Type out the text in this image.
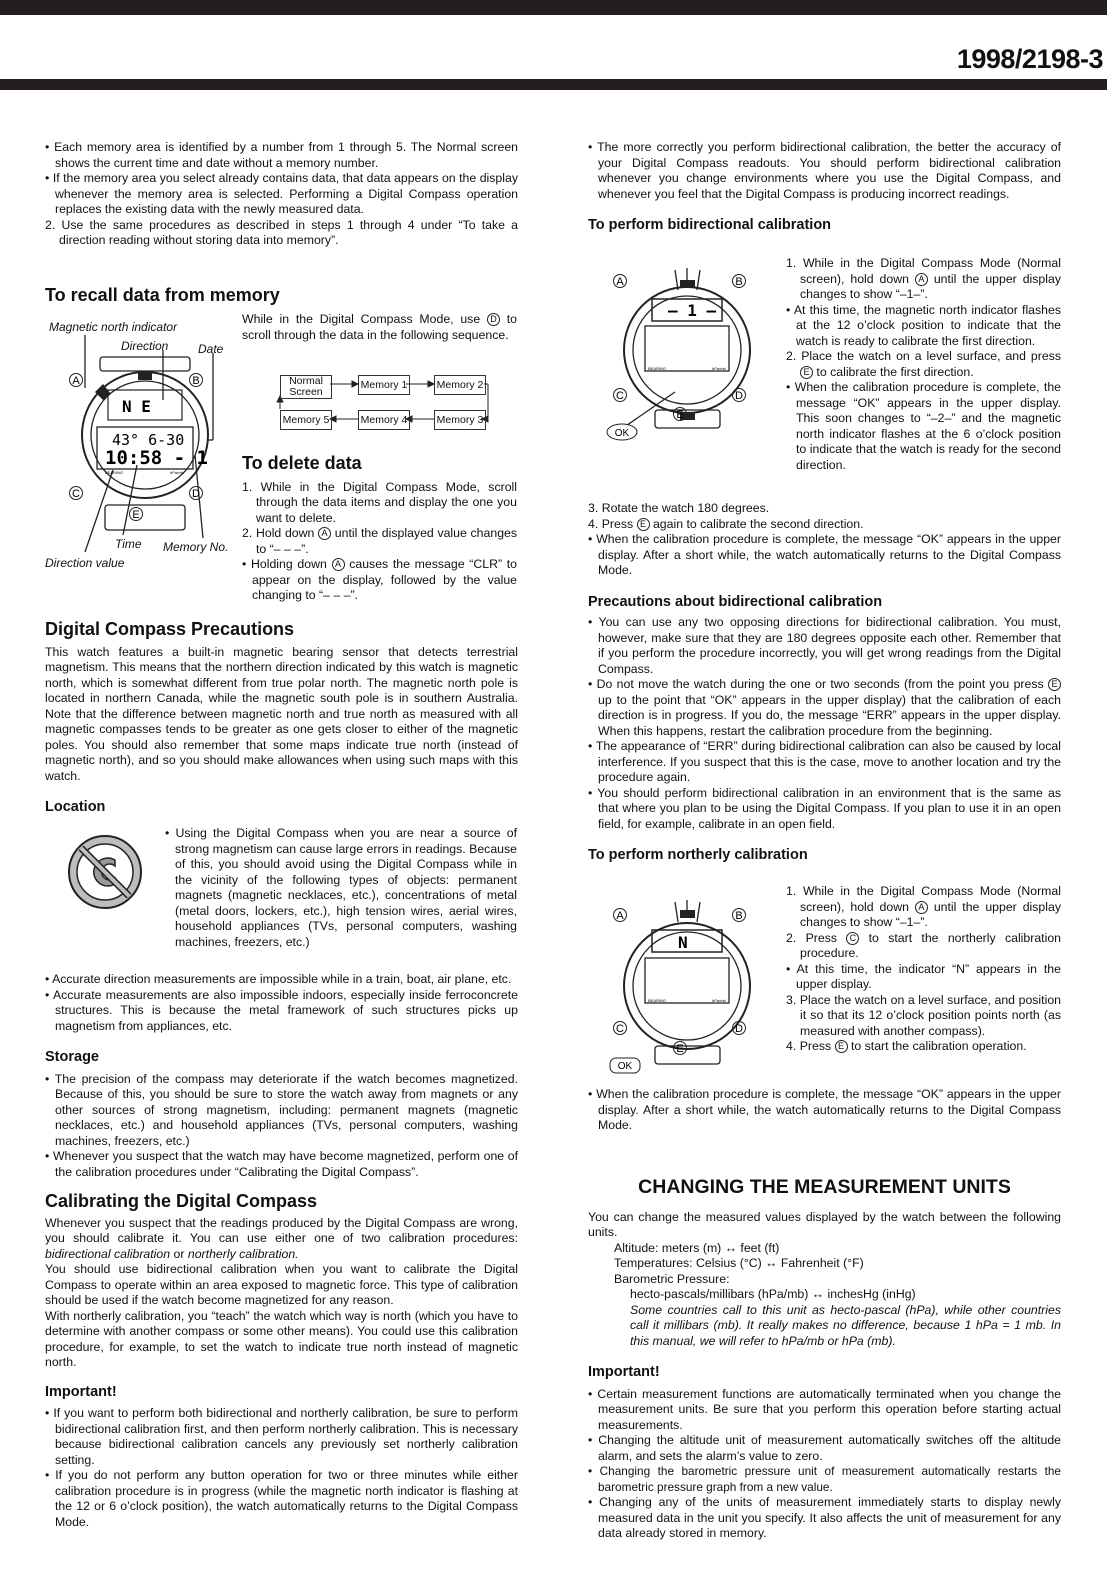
1998/2198-3

• Each memory area is identified by a number from 1 through 5. The Normal screen shows the current time and date without a memory number.

• If the memory area you select already contains data, that data appears on the display whenever the memory area is selected. Performing a Digital Compass operation replaces the existing data with the newly measured data.

2. Use the same procedures as described in steps 1 through 4 under “To take a direction reading without storing data into memory”.

To recall data from memory
Magnetic north indicator
Direction Date
Time Memory No.
Direction value
N E
43° 6-30
10:58 - 1
BEARING	hPa/mb
A	B
C	D
E

While in the Digital Compass Mode, use D to scroll through the data in the following sequence.

Normal Screen
Memory 1	Memory 2
Memory 3
Memory 4
Memory 5
To delete data

1. While in the Digital Compass Mode, scroll through the data items and display the one you want to delete.

2. Hold down A until the displayed value changes to “– – –”.

• Holding down A causes the message “CLR” to appear on the display, followed by the value changing to “– – –”.

Digital Compass Precautions

This watch features a built-in magnetic bearing sensor that detects terrestrial magnetism. This means that the northern direction indicated by this watch is magnetic north, which is somewhat different from true polar north. The magnetic north pole is located in northern Canada, while the magnetic south pole is in southern Australia. Note that the difference between magnetic north and true north as measured with all magnetic compasses tends to be greater as one gets closer to either of the magnetic poles. You should also remember that some maps indicate true north (instead of magnetic north), and so you should make allowances when using such maps with this watch.

Location

• Using the Digital Compass when you are near a source of strong magnetism can cause large errors in readings. Because of this, you should avoid using the Digital Compass while in the vicinity of the following types of objects: permanent magnets (magnetic necklaces, etc.), concentrations of metal (metal doors, lockers, etc.), high tension wires, aerial wires, household appliances (TVs, personal computers, washing machines, freezers, etc.)

• Accurate direction measurements are impossible while in a train, boat, air plane, etc.

• Accurate measurements are also impossible indoors, especially inside ferroconcrete structures. This is because the metal framework of such structures picks up magnetism from appliances, etc.

Storage

• The precision of the compass may deteriorate if the watch becomes magnetized. Because of this, you should be sure to store the watch away from magnets or any other sources of strong magnetism, including: permanent magnets (magnetic necklaces, etc.) and household appliances (TVs, personal computers, washing machines, freezers, etc.)

• Whenever you suspect that the watch may have become magnetized, perform one of the calibration procedures under “Calibrating the Digital Compass”.

Calibrating the Digital Compass

Whenever you suspect that the readings produced by the Digital Compass are wrong, you should calibrate it. You can use either one of two calibration procedures: bidirectional calibration or northerly calibration.

You should use bidirectional calibration when you want to calibrate the Digital Compass to operate within an area exposed to magnetic force. This type of calibration should be used if the watch become magnetized for any reason.

With northerly calibration, you “teach” the watch which way is north (which you have to determine with another compass or some other means). You could use this calibration procedure, for example, to set the watch to indicate true north instead of magnetic north.

Important!

• If you want to perform both bidirectional and northerly calibration, be sure to perform bidirectional calibration first, and then perform northerly calibration. This is necessary because bidirectional calibration cancels any previously set northerly calibration setting.

• If you do not perform any button operation for two or three minutes while either calibration procedure is in progress (while the magnetic north indicator is flashing at the 12 or 6 o’clock position), the watch automatically returns to the Digital Compass Mode.

• The more correctly you perform bidirectional calibration, the better the accuracy of your Digital Compass readouts. You should perform bidirectional calibration whenever you change environments where you use the Digital Compass, and whenever you feel that the Digital Compass is producing incorrect readings.

To perform bidirectional calibration
– 1 –
BEARING	hPa/mb
A	B
C	D
E
OK

1. While in the Digital Compass Mode (Normal screen), hold down A until the upper display changes to show “–1–”.

• At this time, the magnetic north indicator flashes at the 12 o’clock position to indicate that the watch is ready to calibrate the first direction.

2. Place the watch on a level surface, and press E to calibrate the first direction.

• When the calibration procedure is complete, the message “OK” appears in the upper display. This soon changes to “–2–” and the magnetic north indicator flashes at the 6 o’clock position to indicate that the watch is ready for the second direction.

3. Rotate the watch 180 degrees.

4. Press E again to calibrate the second direction.

• When the calibration procedure is complete, the message “OK” appears in the upper display. After a short while, the watch automatically returns to the Digital Compass Mode.

Precautions about bidirectional calibration

• You can use any two opposing directions for bidirectional calibration. You must, however, make sure that they are 180 degrees opposite each other. Remember that if you perform the procedure incorrectly, you will get wrong readings from the Digital Compass.

• Do not move the watch during the one or two seconds (from the point you press E up to the point that “OK” appears in the upper display) that the calibration of each direction is in progress. If you do, the message “ERR” appears in the upper display. When this happens, restart the calibration procedure from the beginning.

• The appearance of “ERR” during bidirectional calibration can also be caused by local interference. If you suspect that this is the case, move to another location and try the procedure again.

• You should perform bidirectional calibration in an environment that is the same as that where you plan to be using the Digital Compass. If you plan to use it in an open field, for example, calibrate in an open field.

To perform northerly calibration
N
BEARING	hPa/mb
A	B
C	D
E
OK

1. While in the Digital Compass Mode (Normal screen), hold down A until the upper display changes to show “–1–”.

2. Press C to start the northerly calibration procedure.

• At this time, the indicator “N” appears in the upper display.

3. Place the watch on a level surface, and position it so that its 12 o’clock position points north (as measured with another compass).

4. Press E to start the calibration operation.

• When the calibration procedure is complete, the message “OK” appears in the upper display. After a short while, the watch automatically returns to the Digital Compass Mode.

CHANGING THE MEASUREMENT UNITS

You can change the measured values displayed by the watch between the following units.

Altitude: meters (m) ↔ feet (ft)

Temperatures: Celsius (°C) ↔ Fahrenheit (°F)

Barometric Pressure:

hecto-pascals/millibars (hPa/mb) ↔ inchesHg (inHg)

Some countries call to this unit as hecto-pascal (hPa), while other countries call it millibars (mb). It really makes no difference, because 1 hPa = 1 mb. In this manual, we will refer to hPa/mb or hPa (mb).

Important!

• Certain measurement functions are automatically terminated when you change the measurement units. Be sure that you perform this operation before starting actual measurements.

• Changing the altitude unit of measurement automatically switches off the altitude alarm, and sets the alarm’s value to zero.

• Changing the barometric pressure unit of measurement automatically restarts the barometric pressure graph from a new value.

• Changing any of the units of measurement immediately starts to display newly measured data in the unit you specify. It also affects the unit of measurement for any data already stored in memory.
